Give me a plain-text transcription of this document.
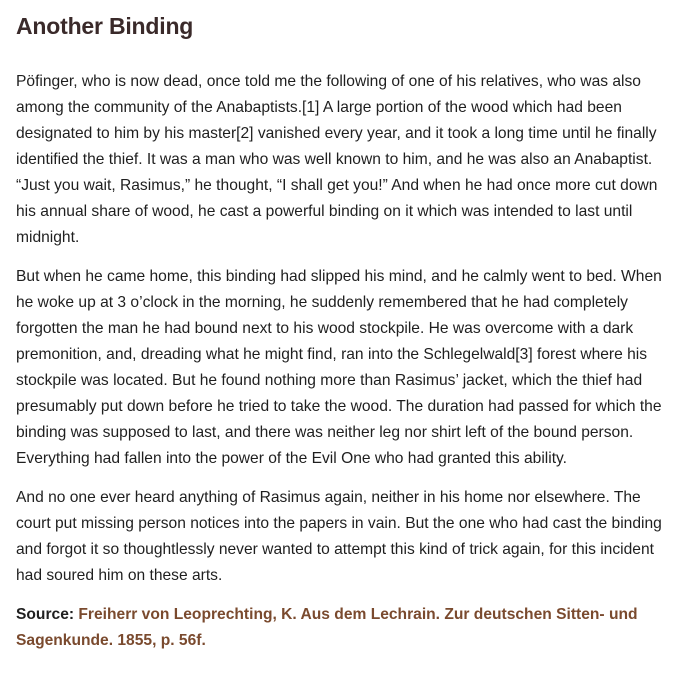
Another Binding

Pöfinger, who is now dead, once told me the following of one of his relatives, who was also among the community of the Anabaptists.[1] A large portion of the wood which had been designated to him by his master[2] vanished every year, and it took a long time until he finally identified the thief. It was a man who was well known to him, and he was also an Anabaptist. “Just you wait, Rasimus,” he thought, “I shall get you!” And when he had once more cut down his annual share of wood, he cast a powerful binding on it which was intended to last until midnight.

But when he came home, this binding had slipped his mind, and he calmly went to bed. When he woke up at 3 o’clock in the morning, he suddenly remembered that he had completely forgotten the man he had bound next to his wood stockpile. He was overcome with a dark premonition, and, dreading what he might find, ran into the Schlegelwald[3] forest where his stockpile was located. But he found nothing more than Rasimus’ jacket, which the thief had presumably put down before he tried to take the wood. The duration had passed for which the binding was supposed to last, and there was neither leg nor shirt left of the bound person. Everything had fallen into the power of the Evil One who had granted this ability.

And no one ever heard anything of Rasimus again, neither in his home nor elsewhere. The court put missing person notices into the papers in vain. But the one who had cast the binding and forgot it so thoughtlessly never wanted to attempt this kind of trick again, for this incident had soured him on these arts.

Source: Freiherr von Leoprechting, K. Aus dem Lechrain. Zur deutschen Sitten- und Sagenkunde. 1855, p. 56f.
